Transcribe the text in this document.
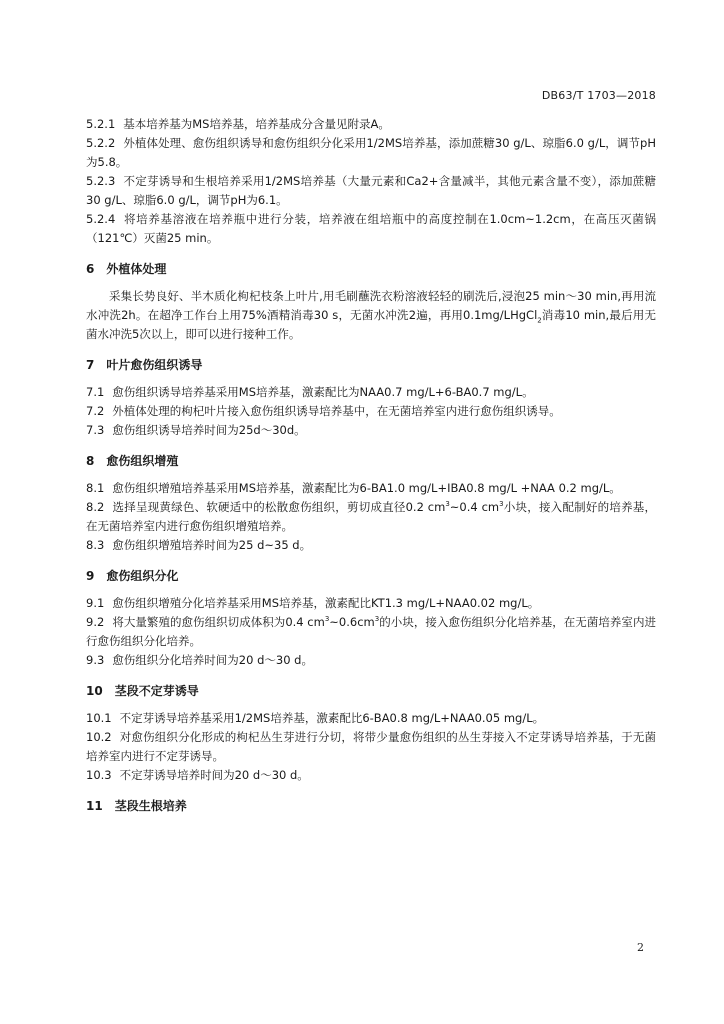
DB63/T 1703—2018

5.2.1 基本培养基为MS培养基，培养基成分含量见附录A。

5.2.2 外植体处理、愈伤组织诱导和愈伤组织分化采用1/2MS培养基，添加蔗糖30 g/L、琼脂6.0 g/L，调节pH为5.8。

5.2.3 不定芽诱导和生根培养采用1/2MS培养基（大量元素和Ca2+含量减半，其他元素含量不变），添加蔗糖30 g/L、琼脂6.0 g/L，调节pH为6.1。

5.2.4 将培养基溶液在培养瓶中进行分装，培养液在组培瓶中的高度控制在1.0cm~1.2cm，在高压灭菌锅（121℃）灭菌25 min。

6　外植体处理

采集长势良好、半木质化枸杞枝条上叶片,用毛刷蘸洗衣粉溶液轻轻的刷洗后,浸泡25 min～30 min,再用流水冲洗2h。在超净工作台上用75%酒精消毒30 s，无菌水冲洗2遍，再用0.1mg/LHgCl$_2$消毒10 min,最后用无菌水冲洗5次以上，即可以进行接种工作。

7　叶片愈伤组织诱导

7.1 愈伤组织诱导培养基采用MS培养基，激素配比为NAA0.7 mg/L+6-BA0.7 mg/L。

7.2 外植体处理的枸杞叶片接入愈伤组织诱导培养基中，在无菌培养室内进行愈伤组织诱导。

7.3 愈伤组织诱导培养时间为25d～30d。

8　愈伤组织增殖

8.1 愈伤组织增殖培养基采用MS培养基，激素配比为6-BA1.0 mg/L+IBA0.8 mg/L +NAA 0.2 mg/L。

8.2 选择呈现黄绿色、软硬适中的松散愈伤组织，剪切成直径0.2 $cm^3\sim 0.4$ $cm^3$小块，接入配制好的培养基，在无菌培养室内进行愈伤组织增殖培养。

8.3 愈伤组织增殖培养时间为25 d~35 d。

9　愈伤组织分化

9.1 愈伤组织增殖分化培养基采用MS培养基，激素配比KT1.3 mg/L+NAA0.02 mg/L。

9.2 将大量繁殖的愈伤组织切成体积为0.4 $cm^3\sim 0.6cm^3$的小块，接入愈伤组织分化培养基，在无菌培养室内进行愈伤组织分化培养。

9.3 愈伤组织分化培养时间为20 d～30 d。

10　茎段不定芽诱导

10.1 不定芽诱导培养基采用1/2MS培养基，激素配比6-BA0.8 mg/L+NAA0.05 mg/L。

10.2 对愈伤组织分化形成的枸杞丛生芽进行分切，将带少量愈伤组织的丛生芽接入不定芽诱导培养基，于无菌培养室内进行不定芽诱导。

10.3 不定芽诱导培养时间为20 d～30 d。

11　茎段生根培养

2
